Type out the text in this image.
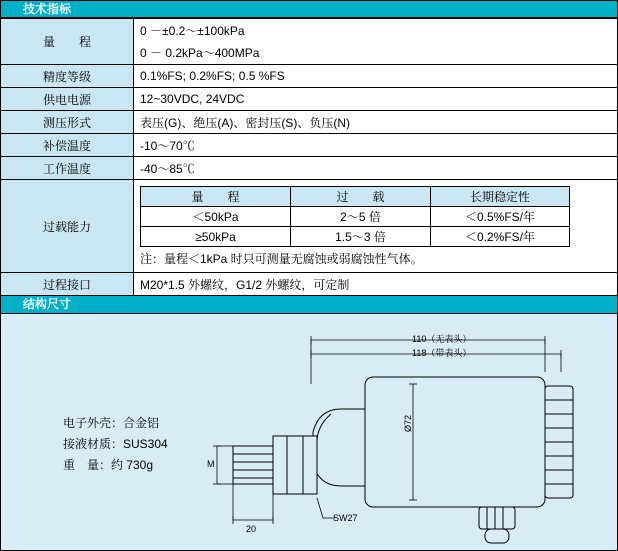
技术指标
量　程	0 －±0.2～±100kPa
0 － 0.2kPa～400MPa
精度等级	0.1%FS; 0.2%FS; 0.5 %FS
供电电源	12~30VDC, 24VDC
测压形式	表压(G)、绝压(A)、密封压(S)、负压(N)
补偿温度	-10～70℃
工作温度	-40～85℃
过载能力	
量　程	过　载	长期稳定性
＜50kPa	2～5 倍	＜0.5%FS/年
≥50kPa	1.5～3 倍	＜0.2%FS/年
注：量程＜1kPa 时只可测量无腐蚀或弱腐蚀性气体。

过程接口	M20*1.5 外螺纹，G1/2 外螺纹，可定制
结构尺寸
110（无表头）
118（带表头）
Ø72
M
20
SW27
电子外壳：合金铝
接液材质：SUS304
重　量：约 730g
